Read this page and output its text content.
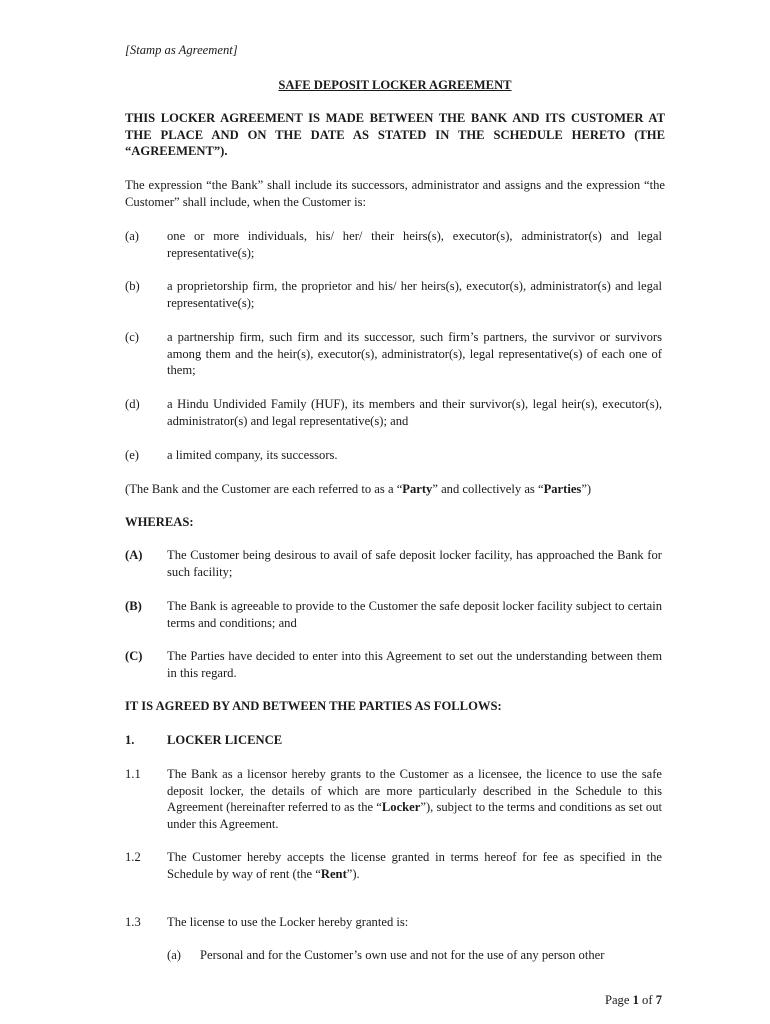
[Stamp as Agreement]
SAFE DEPOSIT LOCKER AGREEMENT
THIS LOCKER AGREEMENT IS MADE BETWEEN THE BANK AND ITS CUSTOMER AT THE PLACE AND ON THE DATE AS STATED IN THE SCHEDULE HERETO (THE “AGREEMENT”).
The expression “the Bank” shall include its successors, administrator and assigns and the expression “the Customer” shall include, when the Customer is:
(a) one or more individuals, his/ her/ their heirs(s), executor(s), administrator(s) and legal representative(s);
(b) a proprietorship firm, the proprietor and his/ her heirs(s), executor(s), administrator(s) and legal representative(s);
(c) a partnership firm, such firm and its successor, such firm’s partners, the survivor or survivors among them and the heir(s), executor(s), administrator(s), legal representative(s) of each one of them;
(d) a Hindu Undivided Family (HUF), its members and their survivor(s), legal heir(s), executor(s), administrator(s) and legal representative(s); and
(e) a limited company, its successors.
(The Bank and the Customer are each referred to as a “Party” and collectively as “Parties”)
WHEREAS:
(A) The Customer being desirous to avail of safe deposit locker facility, has approached the Bank for such facility;
(B) The Bank is agreeable to provide to the Customer the safe deposit locker facility subject to certain terms and conditions; and
(C) The Parties have decided to enter into this Agreement to set out the understanding between them in this regard.
IT IS AGREED BY AND BETWEEN THE PARTIES AS FOLLOWS:
1.	LOCKER LICENCE
1.1 The Bank as a licensor hereby grants to the Customer as a licensee, the licence to use the safe deposit locker, the details of which are more particularly described in the Schedule to this Agreement (hereinafter referred to as the “Locker”), subject to the terms and conditions as set out under this Agreement.
1.2 The Customer hereby accepts the license granted in terms hereof for fee as specified in the Schedule by way of rent (the “Rent”).
1.3 The license to use the Locker hereby granted is:
(a) Personal and for the Customer’s own use and not for the use of any person other
Page 1 of 7
